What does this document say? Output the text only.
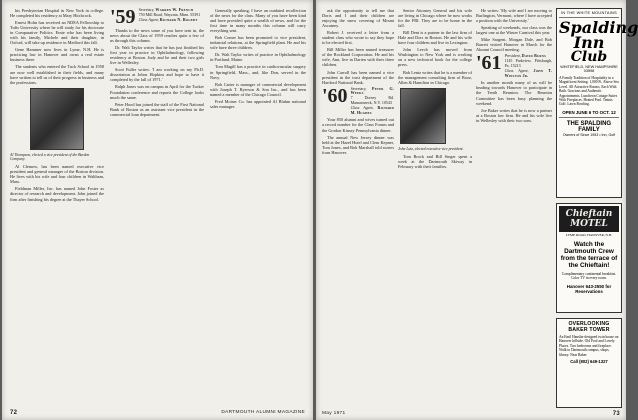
his Presbyterian Hospital in New York in college. He completed his residency at Mary Hitchcock.

Ernest Holm has received an NDEA Fellowship to Tufts University where he will study for his doctorate in Comparative Politics. Ernie who has been living with his family, Michele and their daughter, in Oxford, will take up residence in Medford this fall.

Gene Hammer now lives in Lyme, N.H. He is practicing law in Hanover and owns a real estate business there.

The students who entered the Tuck School in 1958 are now well established in their fields, and many have written to tell us of their progress in business and the professions.

Al Thompson, elected a vice president of the Burdon Company.

Al Clemow, has been named executive vice president and general manager of the Boston division. He lives with his wife and four children in Waltham, Mass.

Fieldman Miller, Inc. has named John Foster as director of research and development. John joined the firm after finishing his degree at the Thayer School.

'59 Secretary, Warren W. French
750 Mill Road, Wayzata, Minn. 55391
Class Agent, Richard N. Bogert

Thanks to the news some of you have sent in, the news about the Class of 1959 reaches quite a few of us through this column.

Dr. Walt Taylor writes that he has just finished his first year in practice in Ophthalmology, following residency at Boston. Judy and he and their two girls live in Wellesley.

Scott Fuller writes: 'I am working on my Ph.D. dissertation at Johns Hopkins and hope to have it completed by the fall of 1971.'

Ralph Jones was on campus in April for the Tucker Foundation conference and reports the College looks much the same.

Peter Hood has joined the staff of the First National Bank of Boston as an assistant vice president in the commercial loan department.

Generally speaking, I have an outdated recollection of the news for the class. Many of you have been kind and have provided quite a wealth of news, and for the first time in many months this column will carry everything sent.

Bob Comer has been promoted to vice president, industrial relations, at the Springfield plant. He and his wife have three children.

Dr. Walt Taylor writes of practice in Ophthalmology in Portland, Maine.

Tom Magill has a practice in cardiovascular surgery in Springfield, Mass., and, like Don, served in the Navy.

Bob Carter is manager of commercial development with Joseph T. Ryerson & Son Inc., and has been named a member of the Chicago Council.

Fred Moiser Co. has appointed Al Bluhm national sales manager.

72	DARTMOUTH ALUMNI MAGAZINE

ask the opportunity to tell me that Doris and I and their children are enjoying the snow covering of Mount Ascutney.

Robert J. received a letter from a student class who wrote to say they hope to be elected first.

Bill Miller has been named treasurer of the Rockland Corporation. He and his wife, Ann, live in Darien with their three children.

John Carroll has been named a vice president in the trust department of the Hartford National Bank.

'60 Secretary, Peter G. Weeks
7 Dorsey Rd. Mamaroneck, N.Y. 10543
Class Agent, Richard M. Hughes

Your 850 alumni and wives turned out a record number for the Class Forum and the Gordon Kinsey Pennsylvania dinner.

The annual New Jersey dinner was held at the Hazel Hotel and Clem Kepner, Tom Jones, and Bob Marshall told stories from Hanover.

Senior Attorney General and his wife are living in Chicago where he now works for the FBI. They are to be home in the fall.

Bill Dent is a partner in the law firm of Hale and Dorr in Boston. He and his wife have four children and live in Lexington.

John Leech has moved from Washington to New York and is working on a new technical book for the college press.

Bob Lentz writes that he is a member of the management consulting firm of Booz, Allen & Hamilton in Chicago.

John Lutz, elected executive vice president.

Tom Brock and Bill Steger spent a week at the Dartmouth Skiway in February with their families.

He writes: 'My wife and I are moving to Burlington, Vermont, where I have accepted a position with the University.'

Speaking of weekends, our class was the largest one at the Winter Carnival this year.

Mike Sargent, Morgan Dale, and Bob Barrett visited Hanover in March for the Alumni Council meeting.

'61 President, David Burns
1145 Parkview, Pittsburgh, Pa. 15213
Class Agent, John T. Winston Jr.

In another month many of us will be heading towards Hanover to participate in the Tenth Reunion. The Reunion Committee has been busy planning the weekend.

Joe Baker writes that he is now a partner at a Boston law firm. He and his wife live in Wellesley with their two sons.

IN THE WHITE MOUNTAINS
Spalding Inn
Club
WHITEFIELD, NEW HAMPSHIRE 03598
A Family Tradition of Hospitality in a Magnificent Setting. 1,000 Ft. Above Sea Level. All Attractive Rooms, Each With Bath. Gracious and Authentic Appointments. Luncheon Cottage Suites With Fireplaces. Heated Pool. Tennis. Golf. Lawn Bowling.
OPEN JUNE 6 TO OCT. 12
THE SPALDING FAMILY
Owners of Since 1953 • Inn, Golf
Chieftain MOTEL
LYME ROAD, HANOVER, N.H.
Watch the Dartmouth Crew from the terrace of the Chieftain!
Complimentary continental breakfast. Color TV in every room.
Hanover 643-2550 for Reservations
OVERLOOKING BAKER TOWER
An Emil Hanslin-designed twin house on Hanover hillside. Old Pool and Lovely Places. Two bedrooms and fireplace. Walk to Dartmouth campus, shops, library. Near Baker.
Call (802) 649-1327
May 1971	73
